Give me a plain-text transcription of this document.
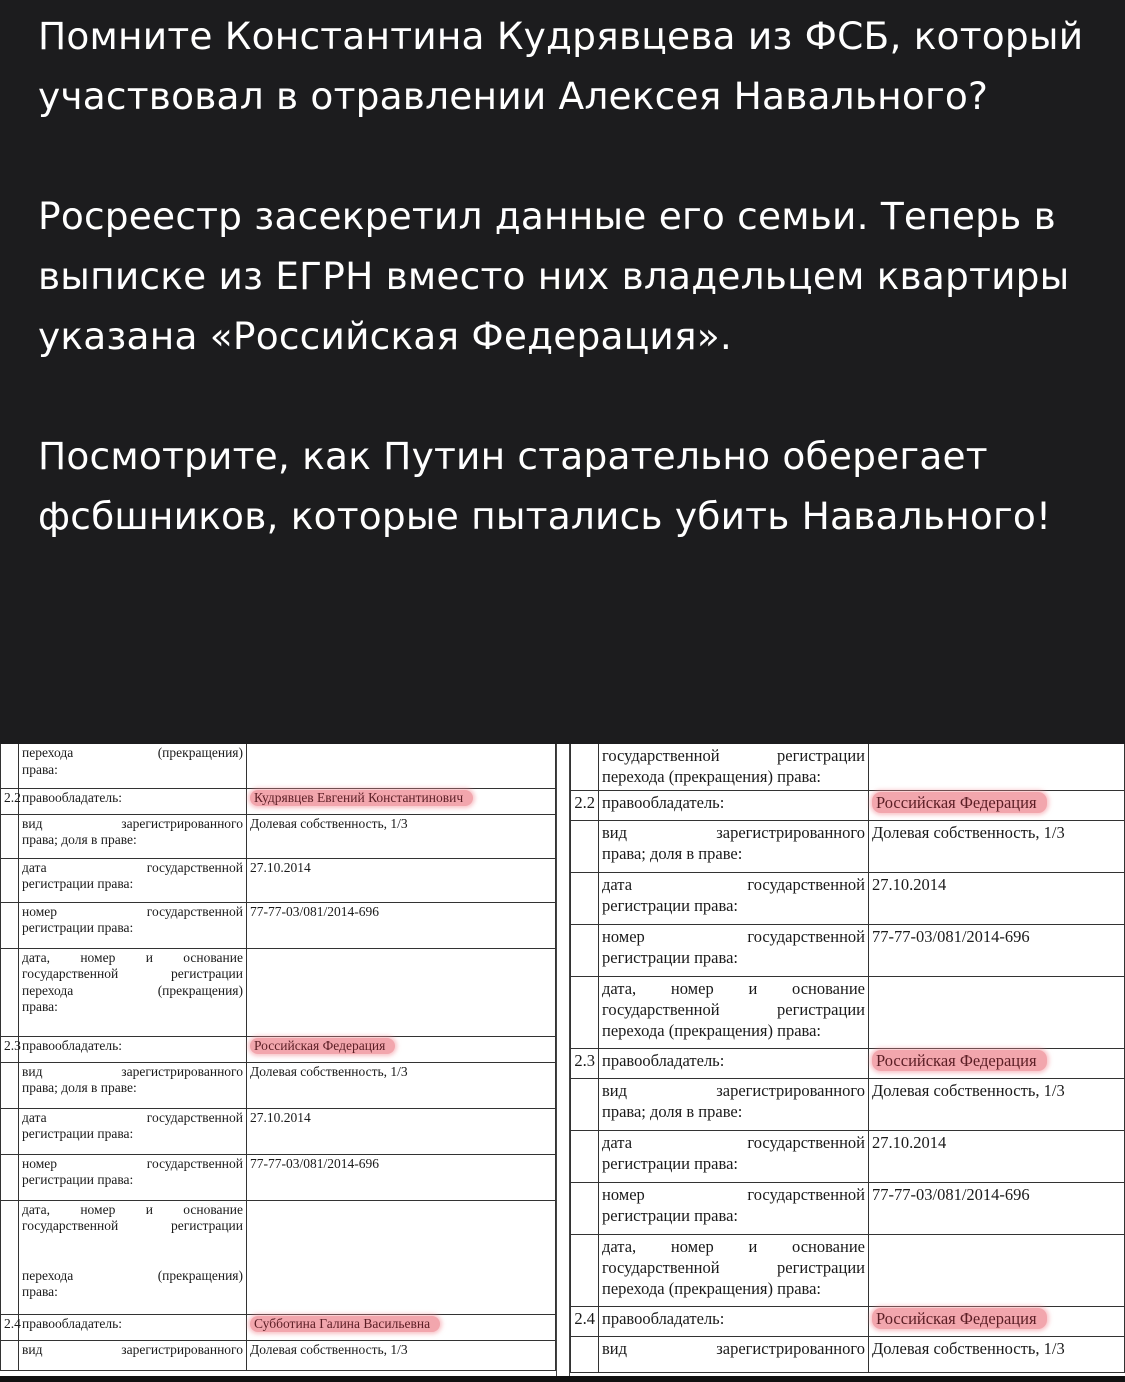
Помните Константина Кудрявцева из ФСБ, который участвовал в отравлении Алексея Навального?

Росреестр засекретил данные его семьи. Теперь в выписке из ЕГРН вместо них владельцем квартиры указана «Российская Федерация».

Посмотрите, как Путин старательно оберегает фсбшников, которые пытались убить Навального!

	перехода (прекращения)
права:	

2.2	правообладатель:	Кудрявцев Евгений Константинович

	вид зарегистрированного
права; доля в праве:	Долевая собственность, 1/3

	дата государственной
регистрации права:	27.10.2014

	номер государственной
регистрации права:	77-77-03/081/2014-696

	дата, номер и основание
государственной регистрации
перехода (прекращения)
права:	

2.3	правообладатель:	Российская Федерация

	вид зарегистрированного
права; доля в праве:	Долевая собственность, 1/3

	дата государственной
регистрации права:	27.10.2014

	номер государственной
регистрации права:	77-77-03/081/2014-696

	дата, номер и основание
государственной регистрации
перехода (прекращения)
права:	

2.4	правообладатель:	Субботина Галина Васильевна

	вид зарегистрированного	Долевая собственность, 1/3

	государственной регистрации
перехода (прекращения) права:	

2.2	правообладатель:	Российская Федерация

	вид зарегистрированного
права; доля в праве:	Долевая собственность, 1/3

	дата государственной
регистрации права:	27.10.2014

	номер государственной
регистрации права:	77-77-03/081/2014-696

	дата, номер и основание
государственной регистрации
перехода (прекращения) права:	

2.3	правообладатель:	Российская Федерация

	вид зарегистрированного
права; доля в праве:	Долевая собственность, 1/3

	дата государственной
регистрации права:	27.10.2014

	номер государственной
регистрации права:	77-77-03/081/2014-696

	дата, номер и основание
государственной регистрации
перехода (прекращения) права:	

2.4	правообладатель:	Российская Федерация

	вид зарегистрированного	Долевая собственность, 1/3
